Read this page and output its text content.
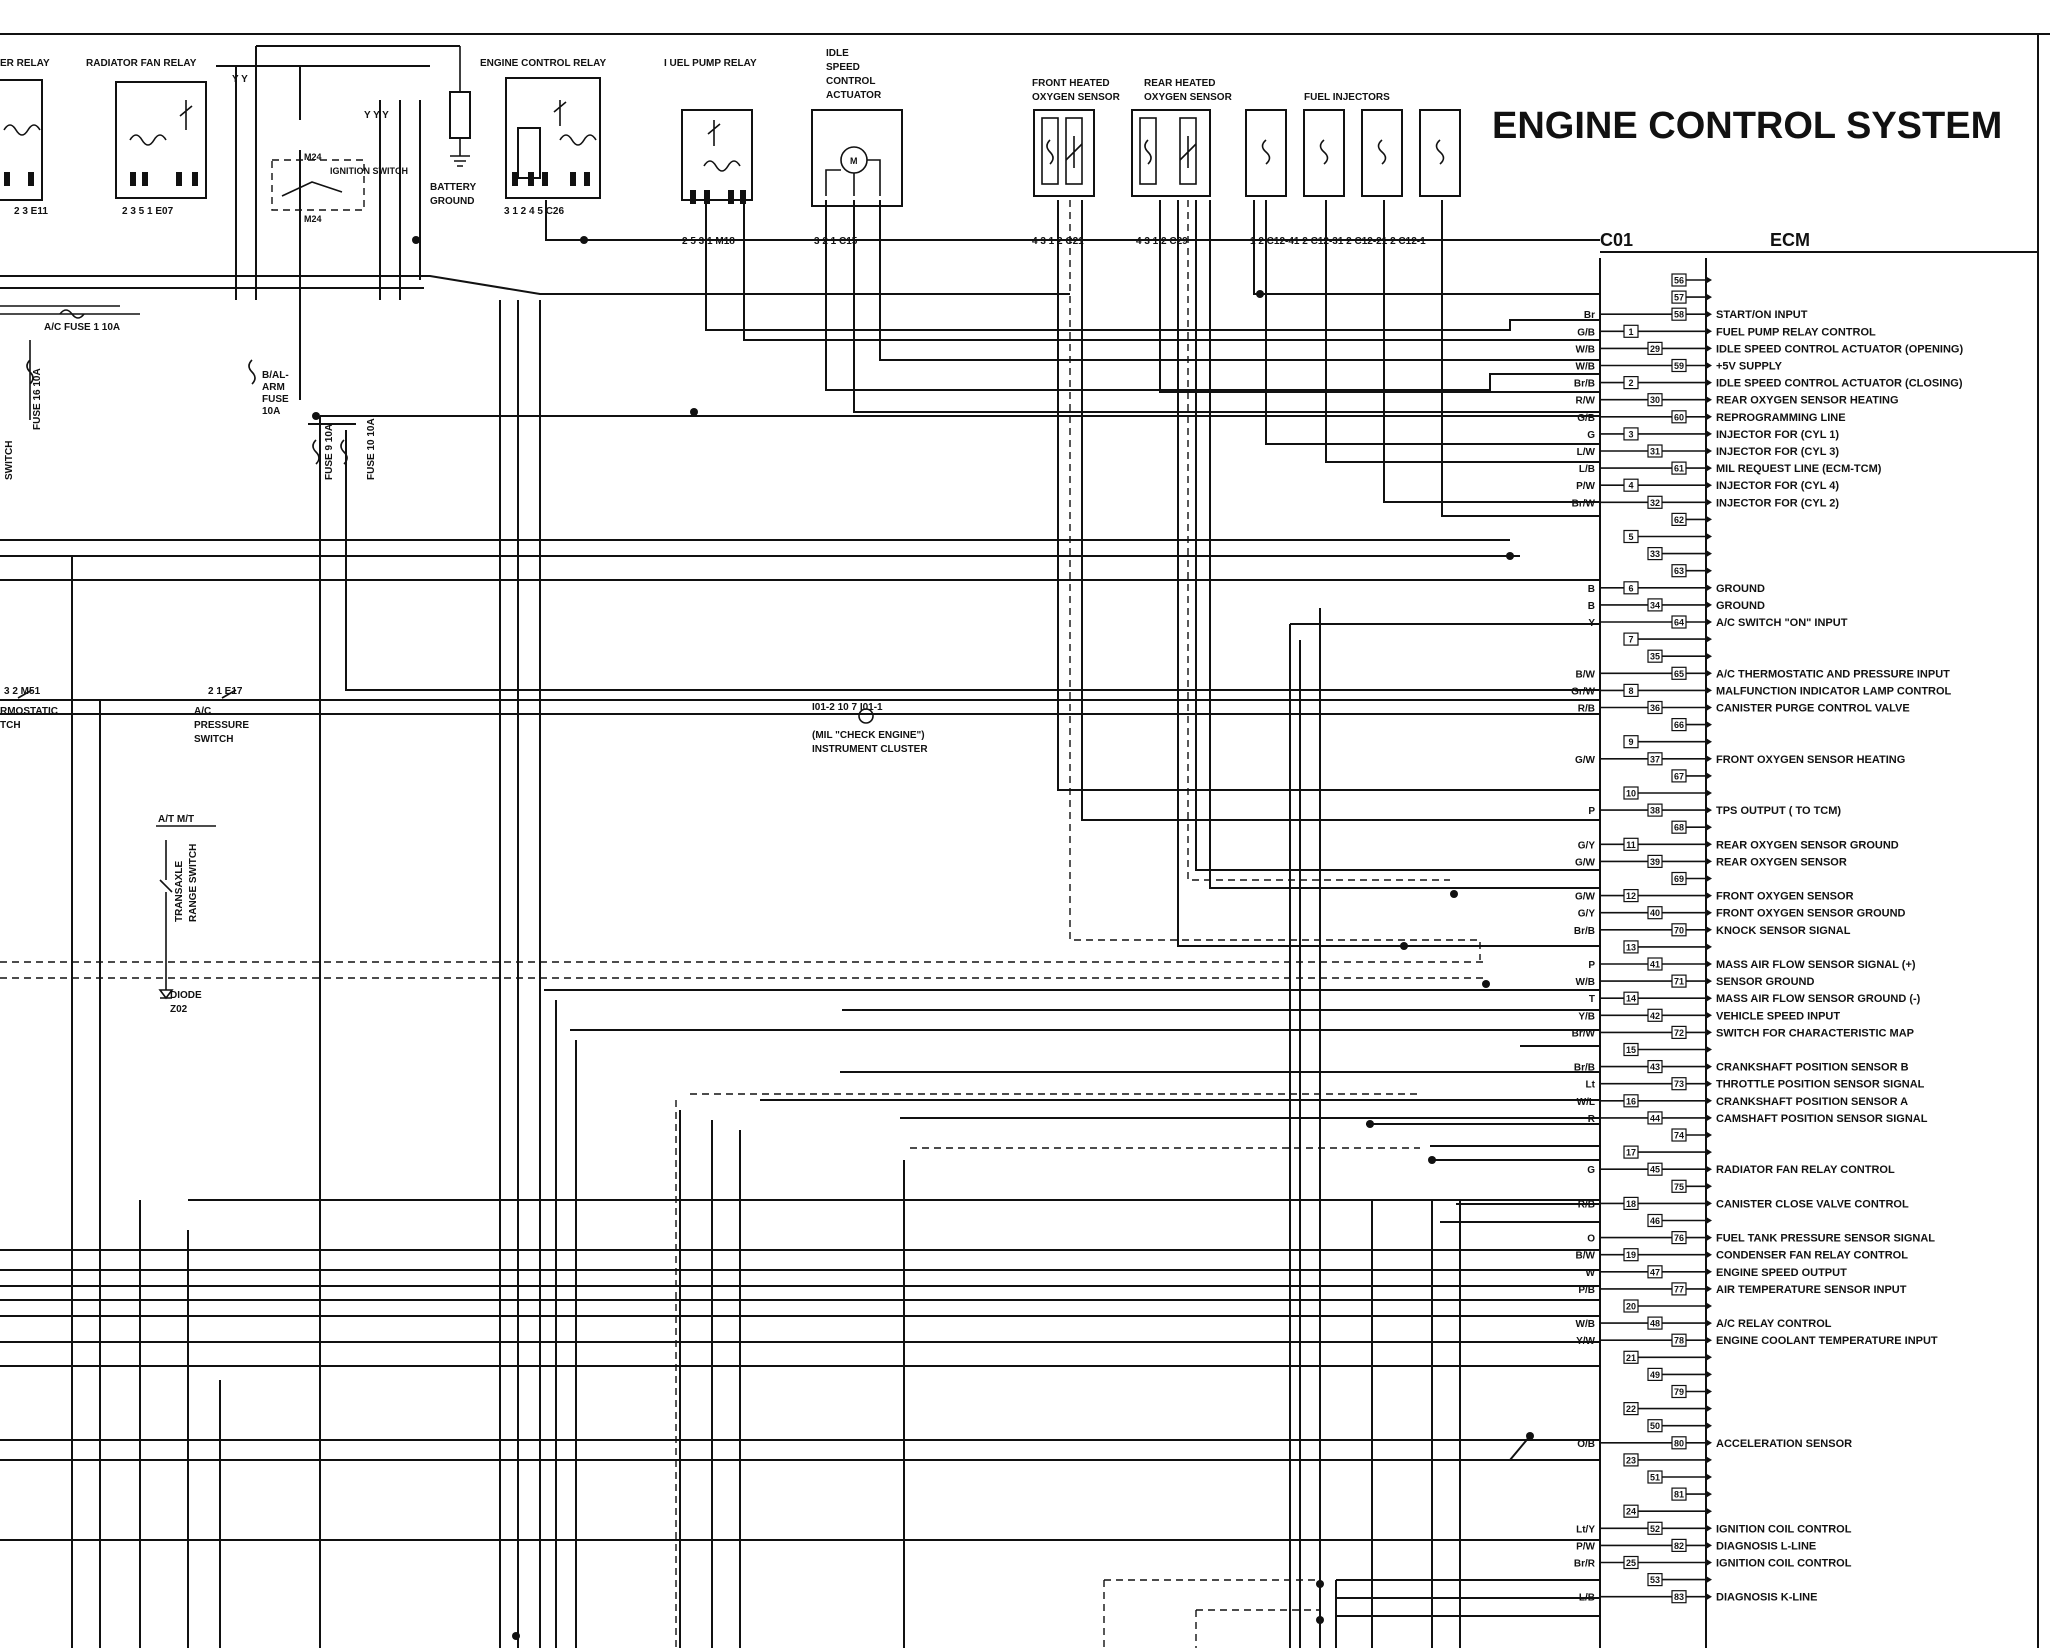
ENGINE CONTROL SYSTEM
ER RELAY
2 3 E11
RADIATOR FAN RELAY
2 3 5 1 E07
ENGINE CONTROL RELAY
3 1 2 4 5 C26
I UEL PUMP RELAY
2 5 3 1 M18
IDLE
SPEED
CONTROL
ACTUATOR
M
3 2 1 C15
FRONT HEATED
OXYGEN SENSOR
4 3 1 2 C21
REAR HEATED
OXYGEN SENSOR
4 3 1 2 C29
FUEL INJECTORS
1 2 C12-41 2 C12-31 2 C12-21 2 C12-1
BATTERY
GROUND
M24
M24
IGNITION SWITCH
Y Y
Y Y Y
C01	ECM
56
57
Br	58	START/ON INPUT
G/B	1	FUEL PUMP RELAY CONTROL
W/B	29	IDLE SPEED CONTROL ACTUATOR (OPENING)
W/B	59	+5V SUPPLY
Br/B	2	IDLE SPEED CONTROL ACTUATOR (CLOSING)
R/W	30	REAR OXYGEN SENSOR HEATING
G/B	60	REPROGRAMMING LINE
G	3	INJECTOR FOR (CYL 1)
L/W	31	INJECTOR FOR (CYL 3)
L/B	61	MIL REQUEST LINE (ECM-TCM)
P/W	4	INJECTOR FOR (CYL 4)
Br/W	32	INJECTOR FOR (CYL 2)
62
5
33
63
B	6	GROUND
B	34	GROUND
Y	64	A/C SWITCH "ON" INPUT
7
35
B/W	65	A/C THERMOSTATIC AND PRESSURE INPUT
Gr/W	8	MALFUNCTION INDICATOR LAMP CONTROL
R/B	36	CANISTER PURGE CONTROL VALVE
66
9
G/W	37	FRONT OXYGEN SENSOR HEATING
67
10
P	38	TPS OUTPUT ( TO TCM)
68
G/Y	11	REAR OXYGEN SENSOR GROUND
G/W	39	REAR OXYGEN SENSOR
69
G/W	12	FRONT OXYGEN SENSOR
G/Y	40	FRONT OXYGEN SENSOR GROUND
Br/B	70	KNOCK SENSOR SIGNAL
13
P	41	MASS AIR FLOW SENSOR SIGNAL (+)
W/B	71	SENSOR GROUND
T	14	MASS AIR FLOW SENSOR GROUND (-)
Y/B	42	VEHICLE SPEED INPUT
Br/W	72	SWITCH FOR CHARACTERISTIC MAP
15
Br/B	43	CRANKSHAFT POSITION SENSOR B
Lt	73	THROTTLE POSITION SENSOR SIGNAL
W/L	16	CRANKSHAFT POSITION SENSOR A
R	44	CAMSHAFT POSITION SENSOR SIGNAL
74
17
G	45	RADIATOR FAN RELAY CONTROL
75
R/B	18	CANISTER CLOSE VALVE CONTROL
46
O	76	FUEL TANK PRESSURE SENSOR SIGNAL
B/W	19	CONDENSER FAN RELAY CONTROL
W	47	ENGINE SPEED OUTPUT
P/B	77	AIR TEMPERATURE SENSOR INPUT
20
W/B	48	A/C RELAY CONTROL
Y/W	78	ENGINE COOLANT TEMPERATURE INPUT
21
49
79
22
50
O/B	80	ACCELERATION SENSOR
23
51
81
24
Lt/Y	52	IGNITION COIL CONTROL
P/W	82	DIAGNOSIS L-LINE
Br/R	25	IGNITION COIL CONTROL
53
L/B	83	DIAGNOSIS K-LINE
A/C FUSE 1 10A
SWITCH
FUSE 16 10A	B/AL-
ARM
FUSE
10A
FUSE 9 10A	FUSE 10 10A
3 2 M51
RMOSTATIC
TCH
2 1 E17
A/C
PRESSURE
SWITCH
I01-2 10 7 I01-1
(MIL "CHECK ENGINE")
INSTRUMENT CLUSTER
A/T M/T
TRANSAXLE RANGE SWITCH
DIODE
Z02
